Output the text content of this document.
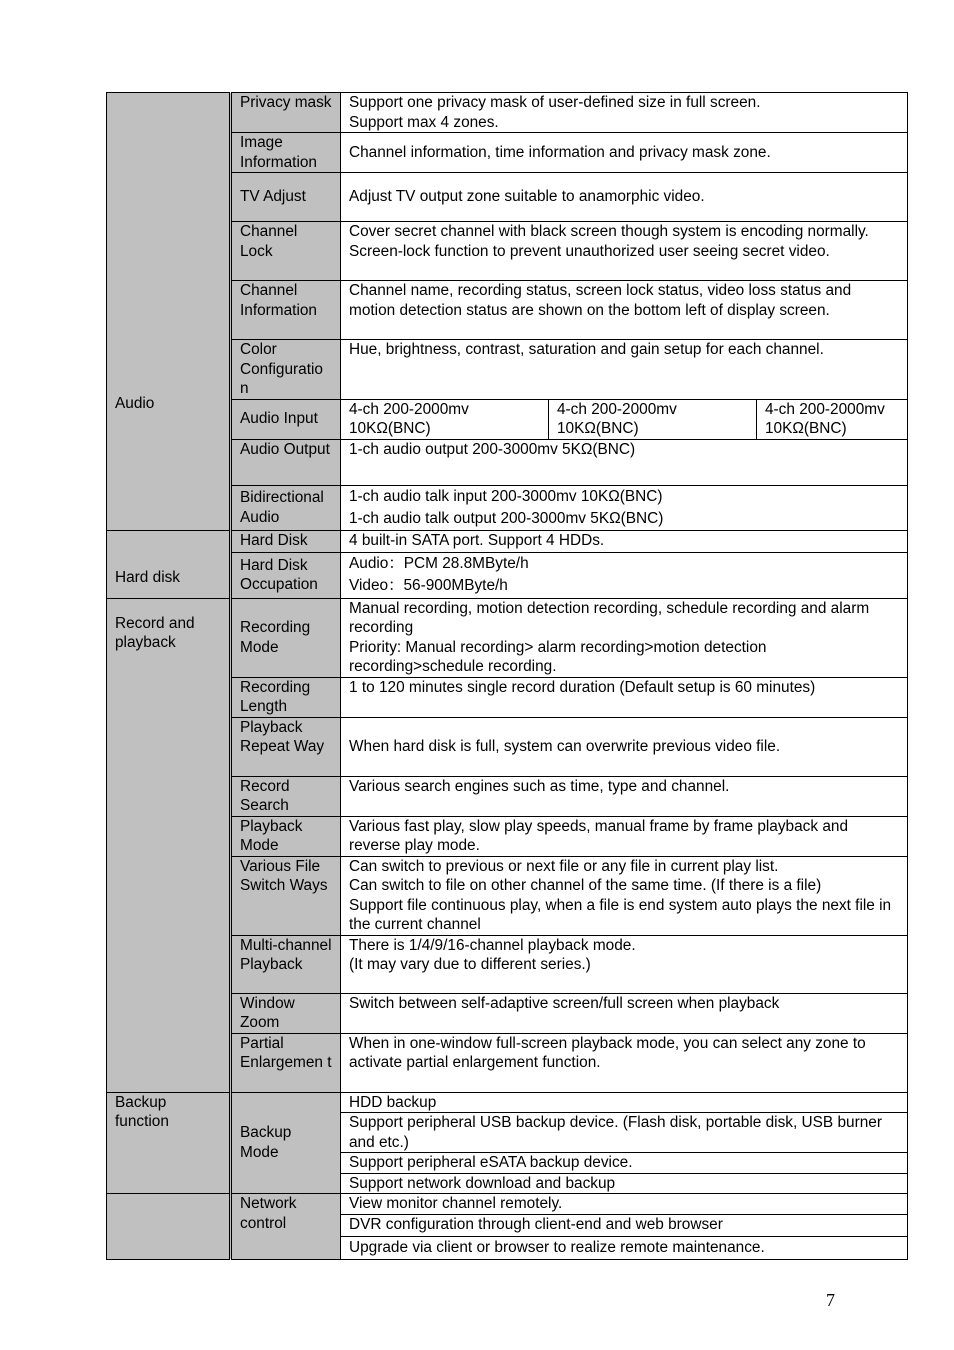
Audio	Privacy mask	Support one privacy mask of user-defined size in full screen.
Support max 4 zones.		

	Image Information	Channel information, time information and privacy mask zone.		

	TV Adjust	Adjust TV output zone suitable to anamorphic video.		

	Channel Lock	Cover secret channel with black screen though system is encoding normally.
Screen-lock function to prevent unauthorized user seeing secret video.		

	Channel Information	Channel name, recording status, screen lock status, video loss status and motion detection status are shown on the bottom left of display screen.		

	Color Configuratio n	Hue, brightness, contrast, saturation and gain setup for each channel.		

	Audio Input	4-ch 200-2000mv 10KΩ(BNC)	4-ch 200-2000mv 10KΩ(BNC)	4-ch 200-2000mv 10KΩ(BNC)
	Audio Output	1-ch audio output 200-3000mv 5KΩ(BNC)		

	Bidirectional Audio	1-ch audio talk input 200-3000mv 10KΩ(BNC)
1-ch audio talk output 200-3000mv 5KΩ(BNC)		

Hard disk	Hard Disk	4 built-in SATA port. Support 4 HDDs.		

	Hard Disk Occupation	Audio：PCM 28.8MByte/h
Video：56-900MByte/h		

Record and playback	Recording Mode	Manual recording, motion detection recording, schedule recording and alarm recording
Priority: Manual recording> alarm recording>motion detection recording>schedule recording.		

	Recording Length	1 to 120 minutes single record duration (Default setup is 60 minutes)		

	Playback Repeat Way	When hard disk is full, system can overwrite previous video file.		

	Record Search	Various search engines such as time, type and channel.		

	Playback Mode	Various fast play, slow play speeds, manual frame by frame playback and reverse play mode.		

	Various File Switch Ways	Can switch to previous or next file or any file in current play list.
Can switch to file on other channel of the same time. (If there is a file)
Support file continuous play, when a file is end system auto plays the next file in the current channel		

	Multi-channel Playback	There is 1/4/9/16-channel playback mode.
(It may vary due to different series.)		

	Window Zoom	Switch between self-adaptive screen/full screen when playback		

	Partial Enlargemen t	When in one-window full-screen playback mode, you can select any zone to activate partial enlargement function.		

Backup function	Backup Mode	HDD backup		
		Support peripheral USB backup device. (Flash disk, portable disk, USB burner and etc.)		
		Support peripheral eSATA backup device.		
		Support network download and backup		
	Network control	View monitor channel remotely.		
		DVR configuration through client-end and web browser		
		Upgrade via client or browser to realize remote maintenance.		
7
